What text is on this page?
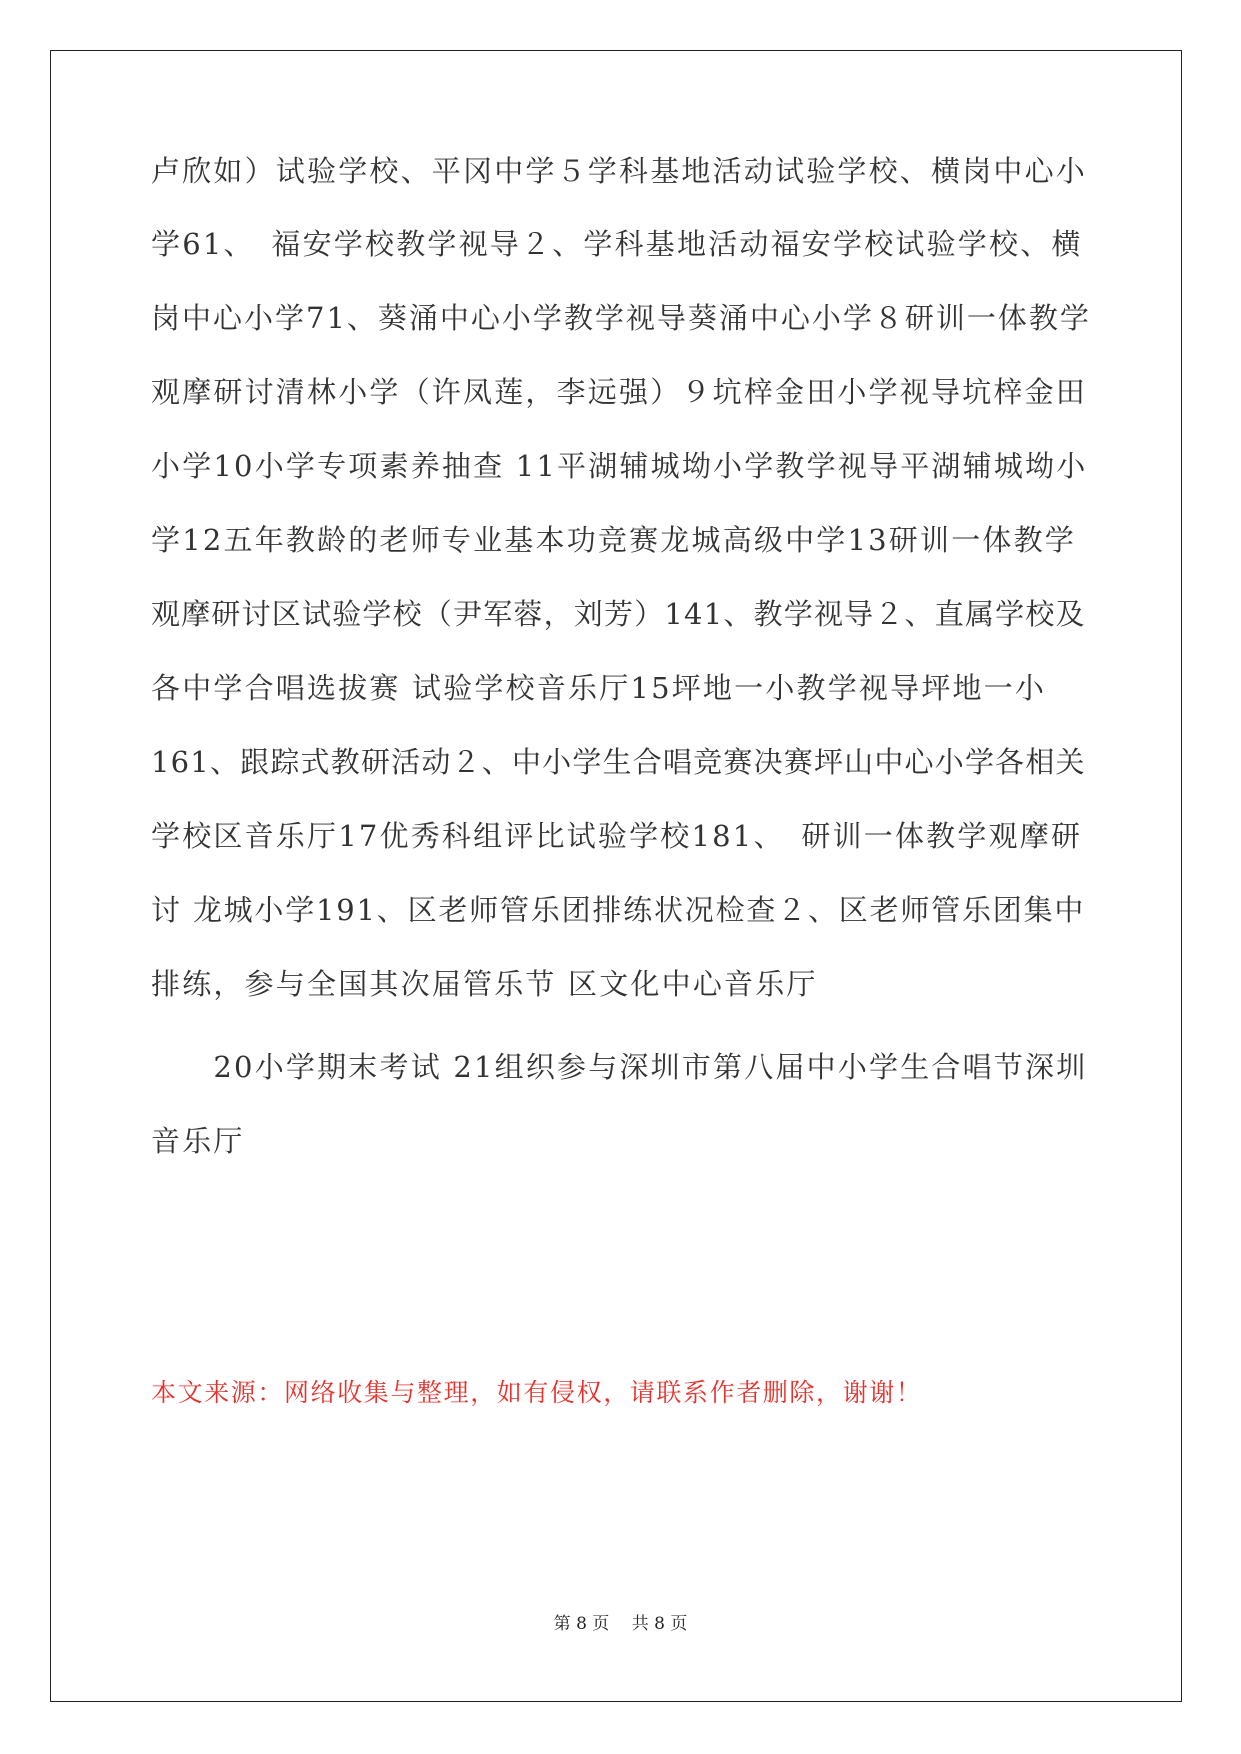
卢欣如）试验学校、平冈中学５学科基地活动试验学校、横岗中心小
学61、　福安学校教学视导２、学科基地活动福安学校试验学校、横
岗中心小学71、葵涌中心小学教学视导葵涌中心小学８研训一体教学
观摩研讨清林小学（许凤莲，李远强）９坑梓金田小学视导坑梓金田
小学10小学专项素养抽查 11平湖辅城坳小学教学视导平湖辅城坳小
学12五年教龄的老师专业基本功竞赛龙城高级中学13研训一体教学
观摩研讨区试验学校（尹军蓉，刘芳）141、教学视导２、直属学校及
各中学合唱选拔赛 试验学校音乐厅15坪地一小教学视导坪地一小
161、跟踪式教研活动２、中小学生合唱竞赛决赛坪山中心小学各相关
学校区音乐厅17优秀科组评比试验学校181、　研训一体教学观摩研
讨 龙城小学191、区老师管乐团排练状况检查２、区老师管乐团集中
排练，参与全国其次届管乐节 区文化中心音乐厅
　　20小学期末考试 21组织参与深圳市第八届中小学生合唱节深圳
音乐厅
本文来源：网络收集与整理，如有侵权，请联系作者删除，谢谢！
第 8 页　 共 8 页
